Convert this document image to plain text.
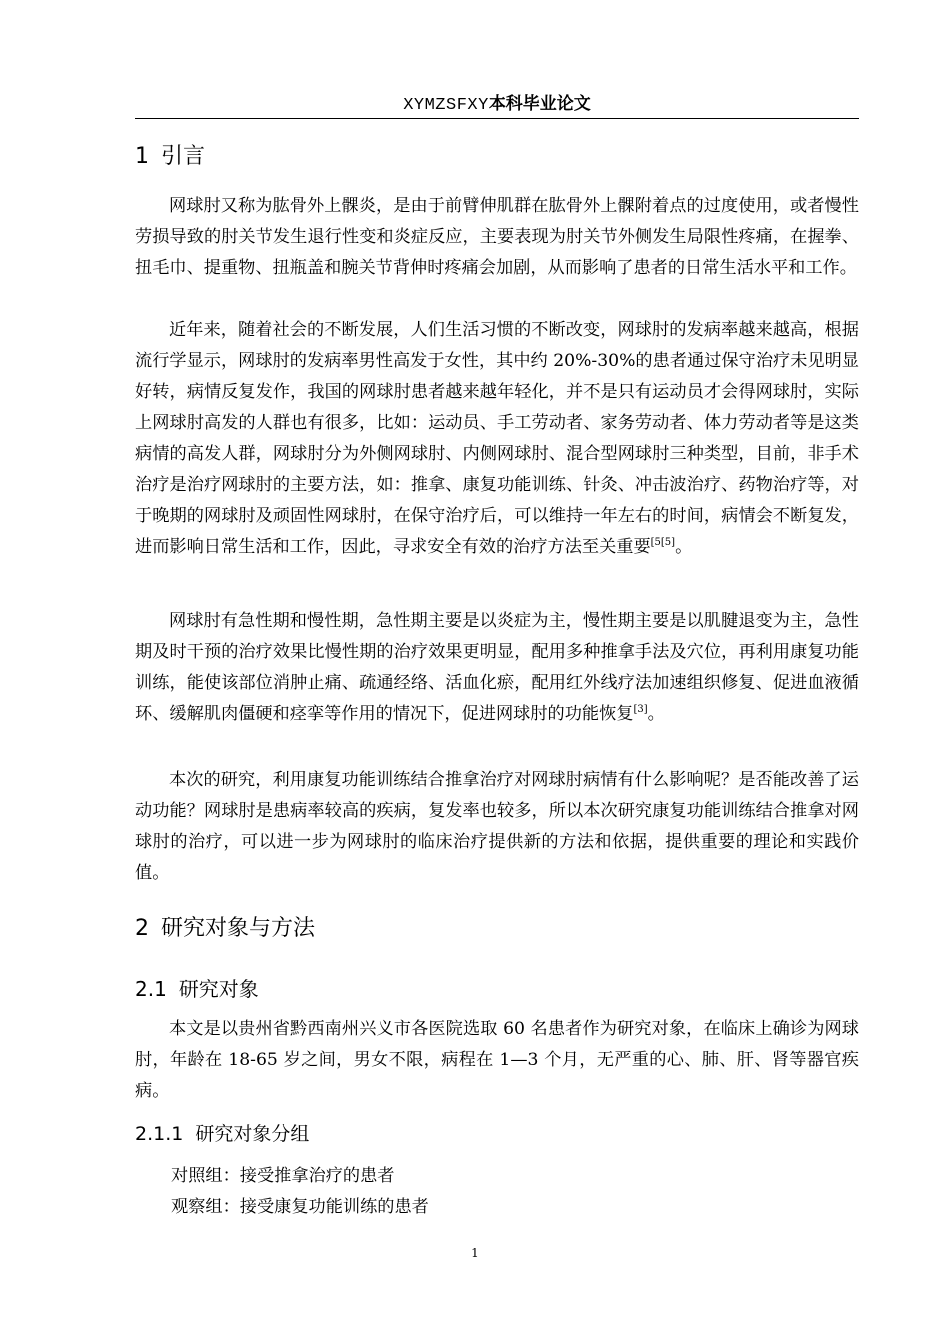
XYMZSFXY本科毕业论文
1 引言

网球肘又称为肱骨外上髁炎，是由于前臂伸肌群在肱骨外上髁附着点的过度使用，或者慢性劳损导致的肘关节发生退行性变和炎症反应，主要表现为肘关节外侧发生局限性疼痛，在握拳、扭毛巾、提重物、扭瓶盖和腕关节背伸时疼痛会加剧，从而影响了患者的日常生活水平和工作。

近年来，随着社会的不断发展，人们生活习惯的不断改变，网球肘的发病率越来越高，根据流行学显示，网球肘的发病率男性高发于女性，其中约 20%-30%的患者通过保守治疗未见明显好转，病情反复发作，我国的网球肘患者越来越年轻化，并不是只有运动员才会得网球肘，实际上网球肘高发的人群也有很多，比如：运动员、手工劳动者、家务劳动者、体力劳动者等是这类病情的高发人群，网球肘分为外侧网球肘、内侧网球肘、混合型网球肘三种类型，目前，非手术治疗是治疗网球肘的主要方法，如：推拿、康复功能训练、针灸、冲击波治疗、药物治疗等，对于晚期的网球肘及顽固性网球肘，在保守治疗后，可以维持一年左右的时间，病情会不断复发，进而影响日常生活和工作，因此，寻求安全有效的治疗方法至关重要[5[5]。

网球肘有急性期和慢性期，急性期主要是以炎症为主，慢性期主要是以肌腱退变为主，急性期及时干预的治疗效果比慢性期的治疗效果更明显，配用多种推拿手法及穴位，再利用康复功能训练，能使该部位消肿止痛、疏通经络、活血化瘀，配用红外线疗法加速组织修复、促进血液循环、缓解肌肉僵硬和痉挛等作用的情况下，促进网球肘的功能恢复[3]。

本次的研究，利用康复功能训练结合推拿治疗对网球肘病情有什么影响呢？是否能改善了运动功能？网球肘是患病率较高的疾病，复发率也较多，所以本次研究康复功能训练结合推拿对网球肘的治疗，可以进一步为网球肘的临床治疗提供新的方法和依据，提供重要的理论和实践价值。

2 研究对象与方法
2.1 研究对象

本文是以贵州省黔西南州兴义市各医院选取 60 名患者作为研究对象，在临床上确诊为网球肘，年龄在 18-65 岁之间，男女不限，病程在 1—3 个月，无严重的心、肺、肝、肾等器官疾病。

2.1.1 研究对象分组
对照组：接受推拿治疗的患者
观察组：接受康复功能训练的患者
1
